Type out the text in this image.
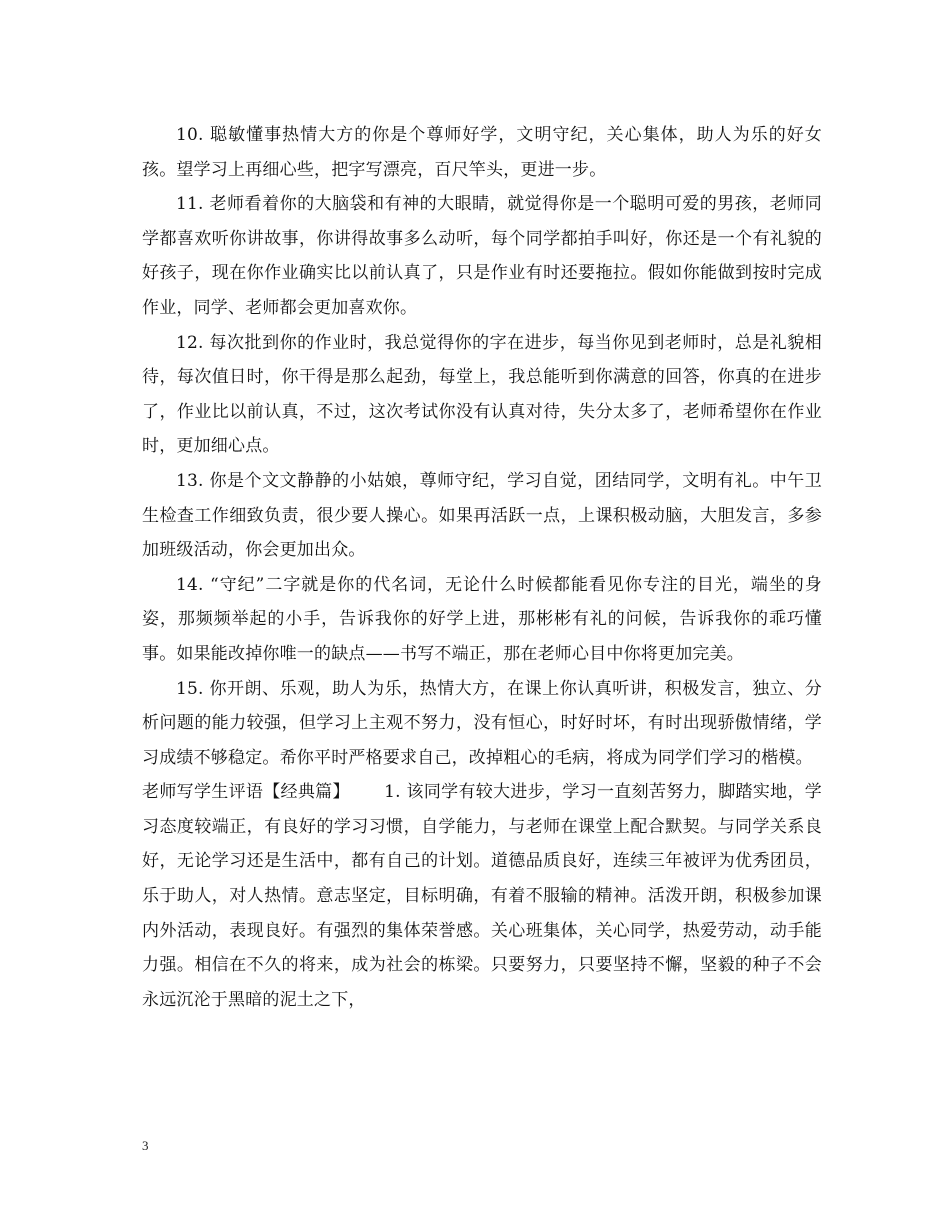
10. 聪敏懂事热情大方的你是个尊师好学，文明守纪，关心集体，助人为乐的好女孩。望学习上再细心些，把字写漂亮，百尺竿头，更进一步。

11. 老师看着你的大脑袋和有神的大眼睛，就觉得你是一个聪明可爱的男孩，老师同学都喜欢听你讲故事，你讲得故事多么动听，每个同学都拍手叫好，你还是一个有礼貌的好孩子，现在你作业确实比以前认真了，只是作业有时还要拖拉。假如你能做到按时完成作业，同学、老师都会更加喜欢你。

12. 每次批到你的作业时，我总觉得你的字在进步，每当你见到老师时，总是礼貌相待，每次值日时，你干得是那么起劲，每堂上，我总能听到你满意的回答，你真的在进步了，作业比以前认真，不过，这次考试你没有认真对待，失分太多了，老师希望你在作业时，更加细心点。

13. 你是个文文静静的小姑娘，尊师守纪，学习自觉，团结同学，文明有礼。中午卫生检查工作细致负责，很少要人操心。如果再活跃一点，上课积极动脑，大胆发言，多参加班级活动，你会更加出众。

14. “守纪”二字就是你的代名词，无论什么时候都能看见你专注的目光，端坐的身姿，那频频举起的小手，告诉我你的好学上进，那彬彬有礼的问候，告诉我你的乖巧懂事。如果能改掉你唯一的缺点——书写不端正，那在老师心目中你将更加完美。

15. 你开朗、乐观，助人为乐，热情大方，在课上你认真听讲，积极发言，独立、分析问题的能力较强，但学习上主观不努力，没有恒心，时好时坏，有时出现骄傲情绪，学习成绩不够稳定。希你平时严格要求自己，改掉粗心的毛病，将成为同学们学习的楷模。

老师写学生评语【经典篇】 1. 该同学有较大进步，学习一直刻苦努力，脚踏实地，学习态度较端正，有良好的学习习惯，自学能力，与老师在课堂上配合默契。与同学关系良好，无论学习还是生活中，都有自己的计划。道德品质良好，连续三年被评为优秀团员，乐于助人，对人热情。意志坚定，目标明确，有着不服输的精神。活泼开朗，积极参加课内外活动，表现良好。有强烈的集体荣誉感。关心班集体，关心同学，热爱劳动，动手能力强。相信在不久的将来，成为社会的栋梁。只要努力，只要坚持不懈，坚毅的种子不会永远沉沦于黑暗的泥土之下，

3
